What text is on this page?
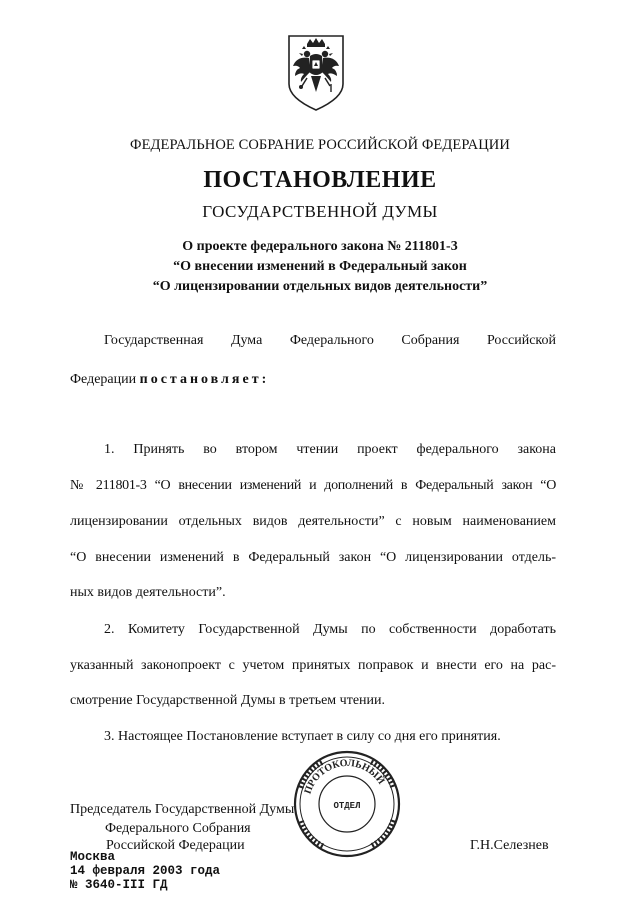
ФЕДЕРАЛЬНОЕ СОБРАНИЕ РОССИЙСКОЙ ФЕДЕРАЦИИ
ПОСТАНОВЛЕНИЕ
ГОСУДАРСТВЕННОЙ ДУМЫ
О проекте федерального закона № 211801-3
“О внесении изменений в Федеральный закон
“О лицензировании отдельных видов деятельности”
Государственная Дума Федерального Собрания Российской
Федерации постановляет:
1. Принять во втором чтении проект федерального закона
№ 211801-3 “О внесении изменений и дополнений в Федеральный закон “О
лицензировании отдельных видов деятельности” с новым наименованием
“О внесении изменений в Федеральный закон “О лицензировании отдель-
ных видов деятельности”.
2. Комитету Государственной Думы по собственности доработать
указанный законопроект с учетом принятых поправок и внести его на рас-
смотрение Государственной Думы в третьем чтении.
3. Настоящее Постановление вступает в силу со дня его принятия.
Председатель Государственной Думы
Федерального Собрания
Российской Федерации	Г.Н.Селезнев
Москва
14 февраля 2003 года
№ 3640-III ГД
ПРОТОКОЛЬНЫЙ
ОТДЕЛ
